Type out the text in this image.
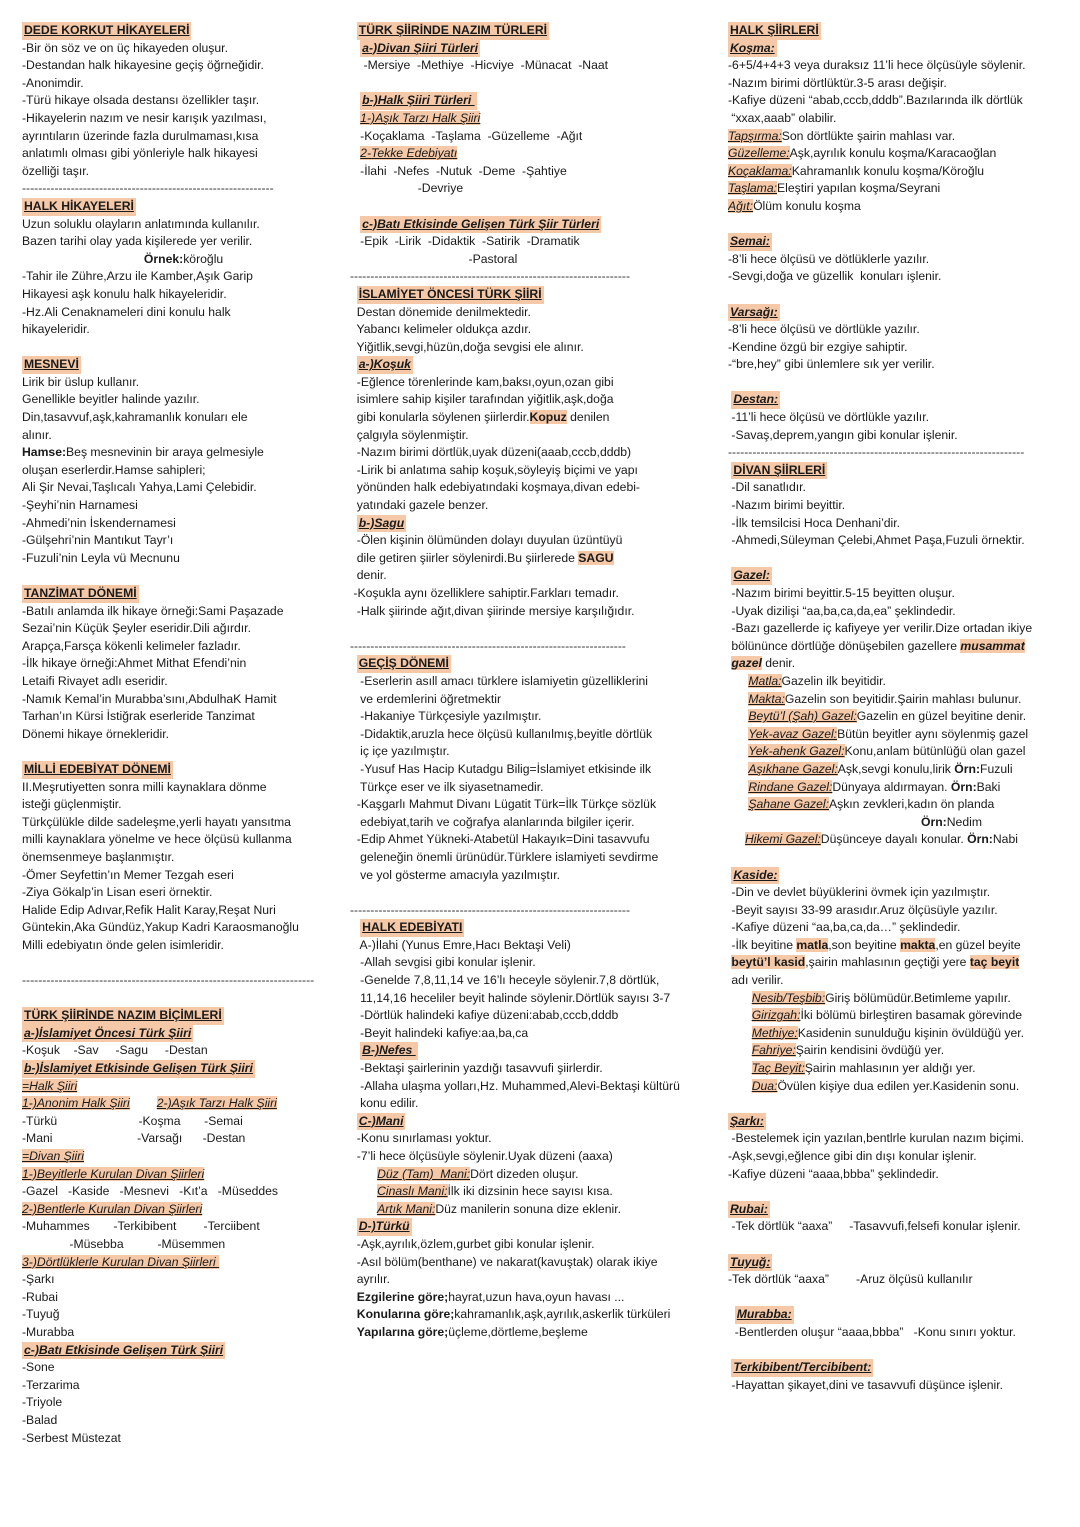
DEDE KORKUT HİKAYELERİ
-Bir ön söz ve on üç hikayeden oluşur.
-Destandan halk hikayesine geçiş öğrneğidir.
-Anonimdir.
-Türü hikaye olsada destansı özellikler taşır.
-Hikayelerin nazım ve nesir karışık yazılması,
ayrıntıların üzerinde fazla durulmaması,kısa
anlatımlı olması gibi yönleriyle halk hikayesi
özelliği taşır.
--------------------------------------------------------------
HALK HİKAYELERİ
Uzun soluklu olayların anlatımında kullanılır.
Bazen tarihi olay yada kişilerede yer verilir.
Örnek:köroğlu
-Tahir ile Zühre,Arzu ile Kamber,Aşık Garip
Hikayesi aşk konulu halk hikayeleridir.
-Hz.Ali Cenaknameleri dini konulu halk
hikayeleridir.
MESNEVİ
Lirik bir üslup kullanır.
Genellikle beyitler halinde yazılır.
Din,tasavvuf,aşk,kahramanlık konuları ele
alınır.
Hamse:Beş mesnevinin bir araya gelmesiyle
oluşan eserlerdir.Hamse sahipleri;
Ali Şir Nevai,Taşlıcalı Yahya,Lami Çelebidir.
-Şeyhi’nin Harnamesi
-Ahmedi’nin İskendernamesi
-Gülşehri’nin Mantıkut Tayr’ı
-Fuzuli’nin Leyla vü Mecnunu
TANZİMAT DÖNEMİ
-Batılı anlamda ilk hikaye örneği:Sami Paşazade
Sezai’nin Küçük Şeyler eseridir.Dili ağırdır.
Arapça,Farsça kökenli kelimeler fazladır.
-İlk hikaye örneği:Ahmet Mithat Efendi’nin
Letaifi Rivayet adlı eseridir.
-Namık Kemal’in Murabba’sını,AbdulhaK Hamit
Tarhan’ın Kürsi İstiğrak eserleride Tanzimat
Dönemi hikaye örnekleridir.
MİLLİ EDEBİYAT DÖNEMİ
II.Meşrutiyetten sonra milli kaynaklara dönme
isteği güçlenmiştir.
Türkçülükle dilde sadeleşme,yerli hayatı yansıtma
milli kaynaklara yönelme ve hece ölçüsü kullanma
önemsenmeye başlanmıştır.
-Ömer Seyfettin’ın Memer Tezgah eseri
-Ziya Gökalp’in Lisan eseri örnektir.
Halide Edip Adıvar,Refik Halit Karay,Reşat Nuri
Güntekin,Aka Gündüz,Yakup Kadri Karaosmanoğlu
Milli edebiyatın önde gelen isimleridir.
------------------------------------------------------------------------
TÜRK ŞİİRİNDE NAZIM BİÇİMLERİ
a-)İslamiyet Öncesi Türk Şiiri
-Koşuk    -Sav     -Sagu     -Destan
b-)İslamiyet Etkisinde Gelişen Türk Şiiri
=Halk Şiiri
1-)Anonim Halk Şiiri 2-)Aşık Tarzı Halk Şiiri
-Türkü                        -Koşma       -Semai
-Mani                         -Varsağı      -Destan
=Divan Şiiri
1-)Beyitlerle Kurulan Divan Şiirleri
-Gazel   -Kaside   -Mesnevi   -Kıt’a   -Müseddes
2-)Bentlerle Kurulan Divan Şiirleri
-Muhammes       -Terkibibent        -Terciibent
-Müsebba          -Müsemmen
3-)Dörtlüklerle Kurulan Divan Şiirleri
-Şarkı
-Rubai
-Tuyuğ
-Murabba
c-)Batı Etkisinde Gelişen Türk Şiiri
-Sone
-Terzarima
-Triyole
-Balad
-Serbest Müstezat
TÜRK ŞİİRİNDE NAZIM TÜRLERİ
a-)Divan Şiiri Türleri
-Mersiye  -Methiye  -Hicviye  -Münacat  -Naat
b-)Halk Şiiri Türleri
1-)Aşık Tarzı Halk Şiiri
-Koçaklama  -Taşlama  -Güzelleme  -Ağıt
2-Tekke Edebiyatı
-İlahi  -Nefes  -Nutuk  -Deme  -Şahtiye
-Devriye
c-)Batı Etkisinde Gelişen Türk Şiir Türleri
-Epik  -Lirik  -Didaktik  -Satirik  -Dramatik
-Pastoral
---------------------------------------------------------------------
İSLAMİYET ÖNCESİ TÜRK ŞİİRİ
Destan dönemide denilmektedir.
Yabancı kelimeler oldukça azdır.
Yiğitlik,sevgi,hüzün,doğa sevgisi ele alınır.
a-)Koşuk
-Eğlence törenlerinde kam,baksı,oyun,ozan gibi
isimlere sahip kişiler tarafından yiğitlik,aşk,doğa
gibi konularla söylenen şiirlerdir.Kopuz denilen
çalgıyla söylenmiştir.
-Nazım birimi dörtlük,uyak düzeni(aaab,cccb,dddb)
-Lirik bi anlatıma sahip koşuk,söyleyiş biçimi ve yapı
yönünden halk edebiyatındaki koşmaya,divan edebi-
yatındaki gazele benzer.
b-)Sagu
-Ölen kişinin ölümünden dolayı duyulan üzüntüyü
dile getiren şiirler söylenirdi.Bu şiirlerede SAGU
denir.
-Koşukla aynı özelliklere sahiptir.Farkları temadır.
-Halk şiirinde ağıt,divan şiirinde mersiye karşılığıdır.
--------------------------------------------------------------------
GEÇİŞ DÖNEMİ
-Eserlerin asıll amacı türklere islamiyetin güzelliklerini
ve erdemlerini öğretmektir
-Hakaniye Türkçesiyle yazılmıştır.
-Didaktik,aruzla hece ölçüsü kullanılmış,beyitle dörtlük
iç içe yazılmıştır.
-Yusuf Has Hacip Kutadgu Bilig=İslamiyet etkisinde ilk
Türkçe eser ve ilk siyasetnamedir.
-Kaşgarlı Mahmut Divanı Lügatit Türk=İlk Türkçe sözlük
edebiyat,tarih ve coğrafya alanlarında bilgiler içerir.
-Edip Ahmet Yükneki-Atabetül Hakayık=Dini tasavvufu
geleneğin önemli ürünüdür.Türklere islamiyeti sevdirme
ve yol gösterme amacıyla yazılmıştır.
---------------------------------------------------------------------
HALK EDEBİYATI
A-)İlahi (Yunus Emre,Hacı Bektaşi Veli)
-Allah sevgisi gibi konular işlenir.
-Genelde 7,8,11,14 ve 16’lı heceyle söylenir.7,8 dörtlük,
11,14,16 heceliler beyit halinde söylenir.Dörtlük sayısı 3-7
-Dörtlük halindeki kafiye düzeni:abab,cccb,dddb
-Beyit halindeki kafiye:aa,ba,ca
B-)Nefes
-Bektaşi şairlerinin yazdığı tasavvufi şiirlerdir.
-Allaha ulaşma yolları,Hz. Muhammed,Alevi-Bektaşi kültürü
konu edilir.
C-)Mani
-Konu sınırlaması yoktur.
-7’li hece ölçüsüyle söylenir.Uyak düzeni (aaxa)
Düz (Tam)  Mani:Dört dizeden oluşur.
Cinaslı Mani:İlk iki dizsinin hece sayısı kısa.
Artık Mani:Düz manilerin sonuna dize eklenir.
D-)Türkü
-Aşk,ayrılık,özlem,gurbet gibi konular işlenir.
-Asıl bölüm(benthane) ve nakarat(kavuştak) olarak ikiye
ayrılır.
Ezgilerine göre;hayrat,uzun hava,oyun havası ...
Konularına göre;kahramanlık,aşk,ayrılık,askerlik türküleri
Yapılarına göre;üçleme,dörtleme,beşleme
HALK ŞİİRLERİ
Koşma:
-6+5/4+4+3 veya duraksız 11’li hece ölçüsüyle söylenir.
-Nazım birimi dörtlüktür.3-5 arası değişir.
-Kafiye düzeni “abab,cccb,dddb”.Bazılarında ilk dörtlük
“xxax,aaab” olabilir.
Tapşırma:Son dörtlükte şairin mahlası var.
Güzelleme:Aşk,ayrılık konulu koşma/Karacaoğlan
Koçaklama:Kahramanlık konulu koşma/Köroğlu
Taşlama:Eleştiri yapılan koşma/Seyrani
Ağıt:Ölüm konulu koşma
Semai:
-8’li hece ölçüsü ve dötlüklerle yazılır.
-Sevgi,doğa ve güzellik  konuları işlenir.
Varsağı:
-8’li hece ölçüsü ve dörtlükle yazılır.
-Kendine özgü bir ezgiye sahiptir.
-“bre,hey” gibi ünlemlere sık yer verilir.
Destan:
-11’li hece ölçüsü ve dörtlükle yazılır.
-Savaş,deprem,yangın gibi konular işlenir.
-------------------------------------------------------------------------
DİVAN ŞİİRLERİ
-Dil sanatlıdır.
-Nazım birimi beyittir.
-İlk temsilcisi Hoca Denhani’dir.
-Ahmedi,Süleyman Çelebi,Ahmet Paşa,Fuzuli örnektir.
Gazel:
-Nazım birimi beyittir.5-15 beyitten oluşur.
-Uyak dizilişi “aa,ba,ca,da,ea” şeklindedir.
-Bazı gazellerde iç kafiyeye yer verilir.Dize ortadan ikiye
bölününce dörtlüğe dönüşebilen gazellere musammat
gazel denir.
Matla:Gazelin ilk beyitidir.
Makta:Gazelin son beyitidir.Şairin mahlası bulunur.
Beytü’l (Şah) Gazel:Gazelin en güzel beyitine denir.
Yek-avaz Gazel:Bütün beyitler aynı söylenmiş gazel
Yek-ahenk Gazel:Konu,anlam bütünlüğü olan gazel
Aşıkhane Gazel:Aşk,sevgi konulu,lirik Örn:Fuzuli
Rindane Gazel:Dünyaya aldırmayan. Örn:Baki
Şahane Gazel:Aşkın zevkleri,kadın ön planda
Örn:Nedim
Hikemi Gazel:Düşünceye dayalı konular. Örn:Nabi
Kaside:
-Din ve devlet büyüklerini övmek için yazılmıştır.
-Beyit sayısı 33-99 arasıdır.Aruz ölçüsüyle yazılır.
-Kafiye düzeni “aa,ba,ca,da…” şeklindedir.
-İlk beyitine matla,son beyitine makta,en güzel beyite
beytü’l kasid,şairin mahlasının geçtiği yere taç beyit
adı verilir.
Nesib/Teşbib:Giriş bölümüdür.Betimleme yapılır.
Girizgah:İki bölümü birleştiren basamak görevinde
Methiye:Kasidenin sunulduğu kişinin övüldüğü yer.
Fahriye:Şairin kendisini övdüğü yer.
Taç Beyit:Şairin mahlasının yer aldığı yer.
Dua:Övülen kişiye dua edilen yer.Kasidenin sonu.
Şarkı:
-Bestelemek için yazılan,bentlrle kurulan nazım biçimi.
-Aşk,sevgi,eğlence gibi din dışı konular işlenir.
-Kafiye düzeni “aaaa,bbba” şeklindedir.
Rubai:
-Tek dörtlük “aaxa”     -Tasavvufi,felsefi konular işlenir.
Tuyuğ:
-Tek dörtlük “aaxa”        -Aruz ölçüsü kullanılır
Murabba:
-Bentlerden oluşur “aaaa,bbba”   -Konu sınırı yoktur.
Terkibibent/Tercibibent:
-Hayattan şikayet,dini ve tasavvufi düşünce işlenir.
